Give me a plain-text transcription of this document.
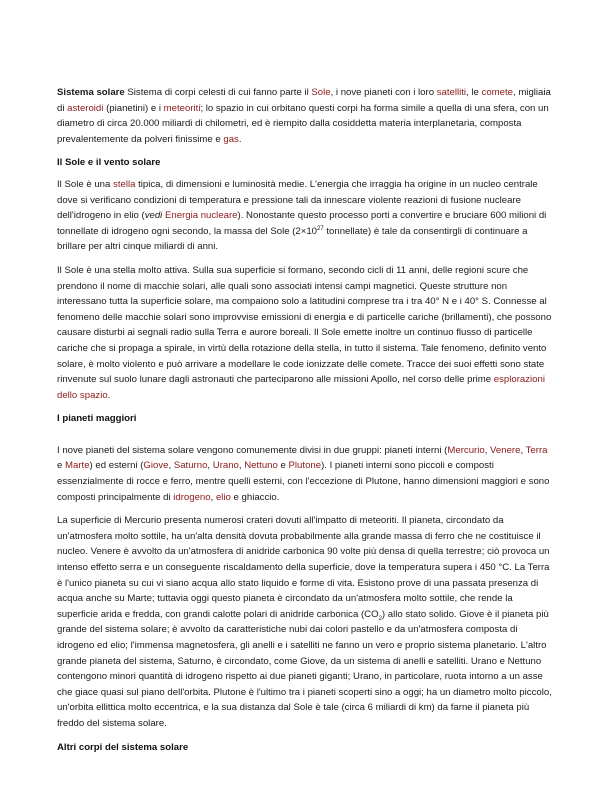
Sistema solare Sistema di corpi celesti di cui fanno parte il Sole, i nove pianeti con i loro satelliti, le comete, migliaia di asteroidi (pianetini) e i meteoriti; lo spazio in cui orbitano questi corpi ha forma simile a quella di una sfera, con un diametro di circa 20.000 miliardi di chilometri, ed è riempito dalla cosiddetta materia interplanetaria, composta prevalentemente da polveri finissime e gas.

Il Sole e il vento solare

Il Sole è una stella tipica, di dimensioni e luminosità medie. L'energia che irraggia ha origine in un nucleo centrale dove si verificano condizioni di temperatura e pressione tali da innescare violente reazioni di fusione nucleare dell'idrogeno in elio (vedi Energia nucleare). Nonostante questo processo porti a convertire e bruciare 600 milioni di tonnellate di idrogeno ogni secondo, la massa del Sole ($2\times 10^{27}$ tonnellate) è tale da consentirgli di continuare a brillare per altri cinque miliardi di anni.

Il Sole è una stella molto attiva. Sulla sua superficie si formano, secondo cicli di 11 anni, delle regioni scure che prendono il nome di macchie solari, alle quali sono associati intensi campi magnetici. Queste strutture non interessano tutta la superficie solare, ma compaiono solo a latitudini comprese tra i tra 40° N e i 40° S. Connesse al fenomeno delle macchie solari sono improvvise emissioni di energia e di particelle cariche (brillamenti), che possono causare disturbi ai segnali radio sulla Terra e aurore boreali. Il Sole emette inoltre un continuo flusso di particelle cariche che si propaga a spirale, in virtù della rotazione della stella, in tutto il sistema. Tale fenomeno, definito vento solare, è molto violento e può arrivare a modellare le code ionizzate delle comete. Tracce dei suoi effetti sono state rinvenute sul suolo lunare dagli astronauti che parteciparono alle missioni Apollo, nel corso delle prime esplorazioni dello spazio.

I pianeti maggiori

I nove pianeti del sistema solare vengono comunemente divisi in due gruppi: pianeti interni (Mercurio, Venere, Terra e Marte) ed esterni (Giove, Saturno, Urano, Nettuno e Plutone). I pianeti interni sono piccoli e composti essenzialmente di rocce e ferro, mentre quelli esterni, con l'eccezione di Plutone, hanno dimensioni maggiori e sono composti principalmente di idrogeno, elio e ghiaccio.

La superficie di Mercurio presenta numerosi crateri dovuti all'impatto di meteoriti. Il pianeta, circondato da un'atmosfera molto sottile, ha un'alta densità dovuta probabilmente alla grande massa di ferro che ne costituisce il nucleo. Venere è avvolto da un'atmosfera di anidride carbonica 90 volte più densa di quella terrestre; ciò provoca un intenso effetto serra e un conseguente riscaldamento della superficie, dove la temperatura supera i 450 °C. La Terra è l'unico pianeta su cui vi siano acqua allo stato liquido e forme di vita. Esistono prove di una passata presenza di acqua anche su Marte; tuttavia oggi questo pianeta è circondato da un'atmosfera molto sottile, che rende la superficie arida e fredda, con grandi calotte polari di anidride carbonica $(CO_2)$ allo stato solido. Giove è il pianeta più grande del sistema solare; è avvolto da caratteristiche nubi dai colori pastello e da un'atmosfera composta di idrogeno ed elio; l'immensa magnetosfera, gli anelli e i satelliti ne fanno un vero e proprio sistema planetario. L'altro grande pianeta del sistema, Saturno, è circondato, come Giove, da un sistema di anelli e satelliti. Urano e Nettuno contengono minori quantità di idrogeno rispetto ai due pianeti giganti; Urano, in particolare, ruota intorno a un asse che giace quasi sul piano dell'orbita. Plutone è l'ultimo tra i pianeti scoperti sino a oggi; ha un diametro molto piccolo, un'orbita ellittica molto eccentrica, e la sua distanza dal Sole è tale (circa 6 miliardi di km) da farne il pianeta più freddo del sistema solare.

Altri corpi del sistema solare
